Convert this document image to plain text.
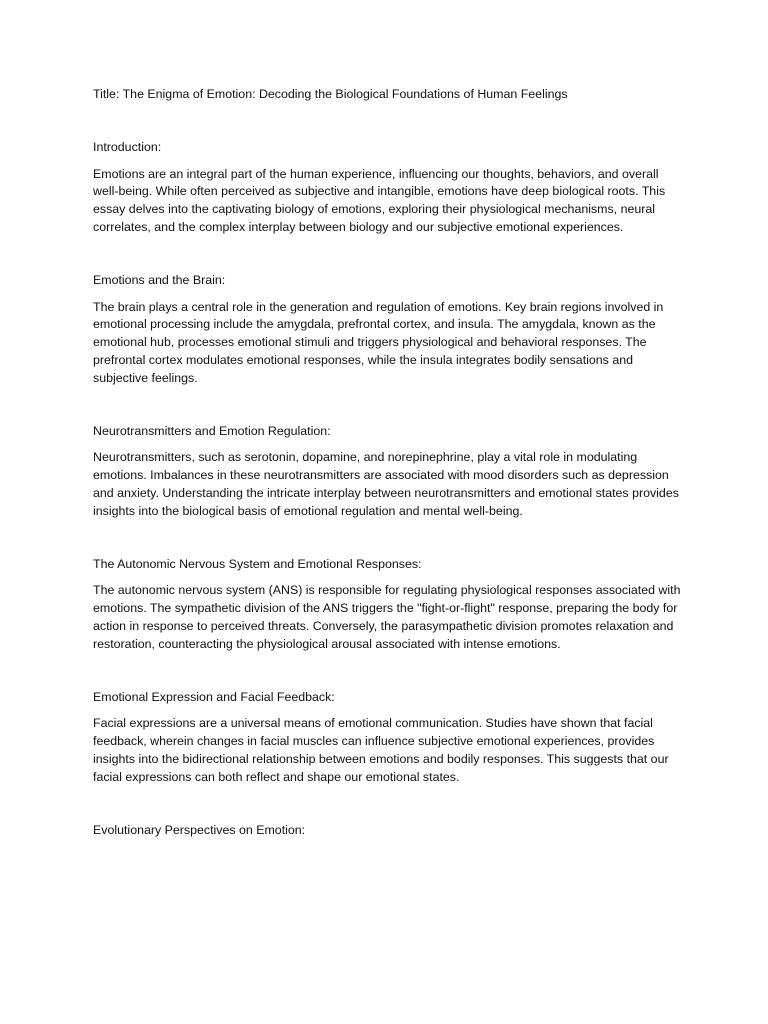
Title: The Enigma of Emotion: Decoding the Biological Foundations of Human Feelings

Introduction:

Emotions are an integral part of the human experience, influencing our thoughts, behaviors, and overall well-being. While often perceived as subjective and intangible, emotions have deep biological roots. This essay delves into the captivating biology of emotions, exploring their physiological mechanisms, neural correlates, and the complex interplay between biology and our subjective emotional experiences.

Emotions and the Brain:

The brain plays a central role in the generation and regulation of emotions. Key brain regions involved in emotional processing include the amygdala, prefrontal cortex, and insula. The amygdala, known as the emotional hub, processes emotional stimuli and triggers physiological and behavioral responses. The prefrontal cortex modulates emotional responses, while the insula integrates bodily sensations and subjective feelings.

Neurotransmitters and Emotion Regulation:

Neurotransmitters, such as serotonin, dopamine, and norepinephrine, play a vital role in modulating emotions. Imbalances in these neurotransmitters are associated with mood disorders such as depression and anxiety. Understanding the intricate interplay between neurotransmitters and emotional states provides insights into the biological basis of emotional regulation and mental well-being.

The Autonomic Nervous System and Emotional Responses:

The autonomic nervous system (ANS) is responsible for regulating physiological responses associated with emotions. The sympathetic division of the ANS triggers the "fight-or-flight" response, preparing the body for action in response to perceived threats. Conversely, the parasympathetic division promotes relaxation and restoration, counteracting the physiological arousal associated with intense emotions.

Emotional Expression and Facial Feedback:

Facial expressions are a universal means of emotional communication. Studies have shown that facial feedback, wherein changes in facial muscles can influence subjective emotional experiences, provides insights into the bidirectional relationship between emotions and bodily responses. This suggests that our facial expressions can both reflect and shape our emotional states.

Evolutionary Perspectives on Emotion:
